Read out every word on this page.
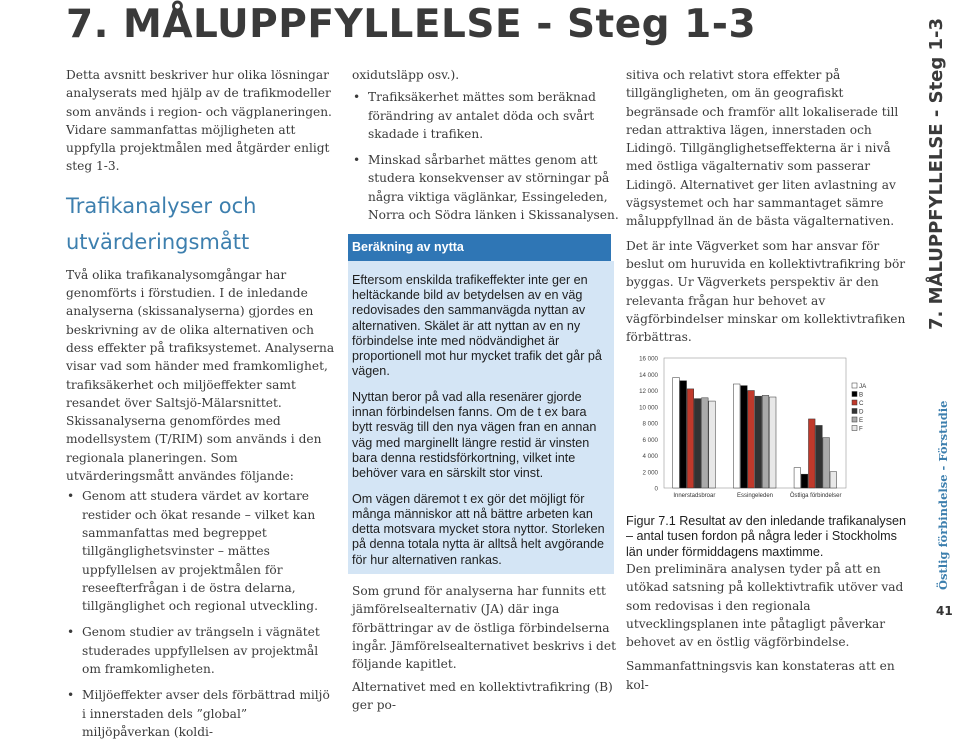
7. MÅLUPPFYLLELSE - Steg 1-3

Detta avsnitt beskriver hur olika lösningar analyserats med hjälp av de trafikmodeller som används i region- och vägplaneringen. Vidare sammanfattas möjligheten att uppfylla projektmålen med åtgärder enligt steg 1-3.

Trafikanalyser och utvärderingsmått

Två olika trafikanalysomgångar har genomförts i förstudien. I de inledande analyserna (skissanalyserna) gjordes en beskrivning av de olika alternativen och dess effekter på trafiksystemet. Analyserna visar vad som händer med framkomlighet, trafiksäkerhet och miljöeffekter samt resandet över Saltsjö-Mälarsnittet. Skissanalyserna genomfördes med modellsystem (T/RIM) som används i den regionala planeringen. Som utvärderingsmått användes följande:

• Genom att studera värdet av kortare restider och ökat resande – vilket kan sammanfattas med begreppet tillgänglighetsvinster – mättes uppfyllelsen av projektmålen för reseefterfrågan i de östra delarna, tillgänglighet och regional utveckling.
• Genom studier av trängseln i vägnätet studerades uppfyllelsen av projektmål om framkomligheten.
• Miljöeffekter avser dels förbättrad miljö i innerstaden dels ”global” miljöpåverkan (koldi-

oxidutsläpp osv.).

• Trafiksäkerhet mättes som beräknad förändring av antalet döda och svårt skadade i trafiken.
• Minskad sårbarhet mättes genom att studera konsekvenser av störningar på några viktiga väglänkar, Essingeleden, Norra och Södra länken i Skissanalysen.
Beräkning av nytta

Eftersom enskilda trafikeffekter inte ger en heltäckande bild av betydelsen av en väg redovisades den sammanvägda nyttan av alternativen. Skälet är att nyttan av en ny förbindelse inte med nödvändighet är proportionell mot hur mycket trafik det går på vägen.

Nyttan beror på vad alla resenärer gjorde innan förbindelsen fanns. Om de t ex bara bytt resväg till den nya vägen fran en annan väg med marginellt längre restid är vinsten bara denna restidsförkortning, vilket inte behöver vara en särskilt stor vinst.

Om vägen däremot t ex gör det möjligt för många människor att nå bättre arbeten kan detta motsvara mycket stora nyttor. Storleken på denna totala nytta är alltså helt avgörande för hur alternativen rankas.

Som grund för analyserna har funnits ett jämförelsealternativ (JA) där inga förbättringar av de östliga förbindelserna ingår. Jämförelsealternativet beskrivs i det följande kapitlet.

Alternativet med en kollektivtrafikring (B) ger po-

sitiva och relativt stora effekter på tillgängligheten, om än geografiskt begränsade och framför allt lokaliserade till redan attraktiva lägen, innerstaden och Lidingö. Tillgänglighetseffekterna är i nivå med östliga vägalternativ som passerar Lidingö. Alternativet ger liten avlastning av vägsystemet och har sammantaget sämre måluppfyllnad än de bästa vägalternativen.

Det är inte Vägverket som har ansvar för beslut om huruvida en kollektivtrafikring bör byggas. Ur Vägverkets perspektiv är den relevanta frågan hur behovet av vägförbindelser minskar om kollektivtrafiken förbättras.

0
2 000
4 000
6 000
8 000
10 000
12 000
14 000
16 000
Innerstadsbroar	Essingeleden	Östliga förbindelser
JA
B
C
D
E
F

Figur 7.1 Resultat av den inledande trafikanalysen – antal tusen fordon på några leder i Stockholms län under förmiddagens maxtimme.

Den preliminära analysen tyder på att en utökad satsning på kollektivtrafik utöver vad som redovisas i den regionala utvecklingsplanen inte påtagligt påverkar behovet av en östlig vägförbindelse.

Sammanfattningsvis kan konstateras att en kol-

7. MÅLUPPFYLLELSE - Steg 1-3
Östlig förbindelse - Förstudie
41
